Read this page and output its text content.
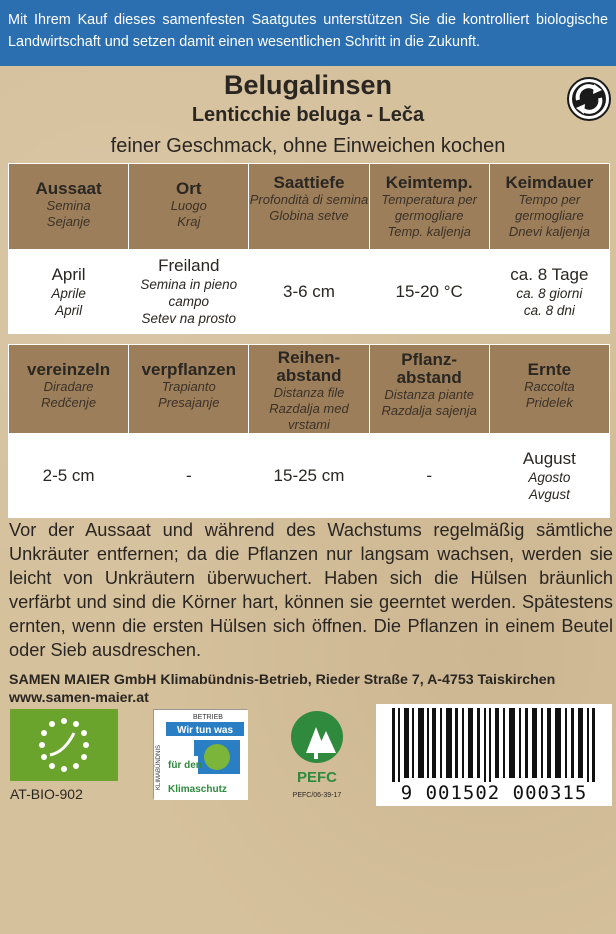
Mit Ihrem Kauf dieses samenfesten Saatgutes unterstützen Sie die kontrolliert biologische Landwirtschaft und setzen damit einen wesentlichen Schritt in die Zukunft.
Belugalinsen
Lenticchie beluga - Leča
feiner Geschmack, ohne Einweichen kochen
Aussaat
Semina
Sejanje	Ort
Luogo
Kraj	Saattiefe
Profondità di semina
Globina setve	Keimtemp.
Temperatura per germogliare
Temp. kaljenja	Keimdauer
Tempo per germogliare
Dnevi kaljenja

April
Aprile
April	Freiland
Semina in pieno campo
Setev na prosto	3-6 cm	15-20 °C	ca. 8 Tage
ca. 8 giorni
ca. 8 dni
vereinzeln
Diradare
Redčenje	verpflanzen
Trapianto
Presajanje	Reihen-abstand
Distanza file
Razdalja med vrstami	Pflanz-abstand
Distanza piante
Razdalja sajenja	Ernte
Raccolta
Pridelek

2-5 cm	-	15-25 cm	-	August
Agosto
Avgust
Vor der Aussaat und während des Wachstums regelmäßig sämtliche Unkräuter entfernen; da die Pflanzen nur langsam wachsen, werden sie leicht von Unkräutern überwuchert. Haben sich die Hülsen bräunlich verfärbt und sind die Körner hart, können sie geerntet werden. Spätestens ernten, wenn die ersten Hülsen sich öffnen. Die Pflanzen in einem Beutel oder Sieb ausdreschen.
SAMEN MAIER GmbH Klimabündnis-Betrieb, Rieder Straße 7, A-4753 Taiskirchen
www.samen-maier.at
AT-BIO-902
BETRIEB
KLIMABÜNDNIS
Wir tun was
für den
Klimaschutz
PEFC
PEFC/06-39-17	9 001502 000315
